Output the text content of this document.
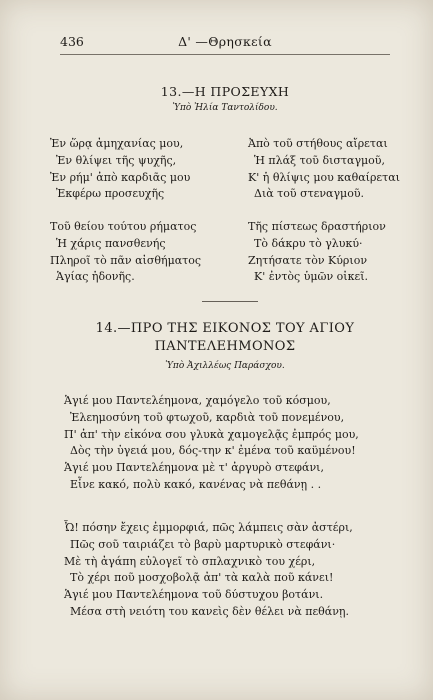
436	Δ' —Θρησκεία
13.—Η ΠΡΟΣΕΥΧΗ
Ὑπὸ Ἠλία Ταντολίδου.
Ἐν ὥρᾳ ἀμηχανίας μου,
Ἐν θλίψει τῆς ψυχῆς,
Ἐν ρήμ' ἀπὸ καρδιᾶς μου
Ἐκφέρω προσευχῆς
Ἀπὸ τοῦ στήθους αἴρεται
Ἡ πλάξ τοῦ δισταγμοῦ,
Κ' ἡ θλίψις μου καθαίρεται
Διὰ τοῦ στεναγμοῦ.
Τοῦ θείου τούτου ρήματος
Ἡ χάρις πανσθενής
Πληροῖ τὸ πᾶν αἰσθήματος
Ἁγίας ἡδονῆς.
Τῆς πίστεως δραστήριον
Τὸ δάκρυ τὸ γλυκύ·
Ζητήσατε τὸν Κύριον
Κ' ἐντὸς ὑμῶν οἰκεῖ.
14.—ΠΡΟ ΤΗΣ ΕΙΚΟΝΟΣ ΤΟΥ ΑΓΙΟΥ
ΠΑΝΤΕΛΕΗΜΟΝΟΣ
Ὑπὸ Ἀχιλλέως Παράσχου.
Ἁγιέ μου Παντελέημονα, χαμόγελο τοῦ κόσμου,
Ἐλεημοσύνη τοῦ φτωχοῦ, καρδιὰ τοῦ πονεμένου,
Π' ἀπ' τὴν εἰκόνα σου γλυκὰ χαμογελᾷς ἐμπρός μου,
Δὸς τὴν ὑγειά μου, δός-την κ' ἐμένα τοῦ καϋμένου!
Ἁγιέ μου Παντελέημονα μὲ τ' ἀργυρὸ στεφάνι,
Εἶνε κακό, πολὺ κακό, κανένας νὰ πεθάνῃ . .
Ὦ! πόσην ἔχεις ἐμμορφιά, πῶς λάμπεις σὰν ἀστέρι,
Πῶς σοῦ ταιριάζει τὸ βαρὺ μαρτυρικὸ στεφάνι·
Μὲ τὴ ἀγάπη εὐλογεῖ τὸ σπλαχνικὸ του χέρι,
Τὸ χέρι ποῦ μοσχοβολᾷ ἀπ' τὰ καλὰ ποῦ κάνει!
Ἁγιέ μου Παντελέημονα τοῦ δύστυχου βοτάνι.
Μέσα στὴ νειότη του κανεὶς δὲν θέλει νὰ πεθάνῃ.
